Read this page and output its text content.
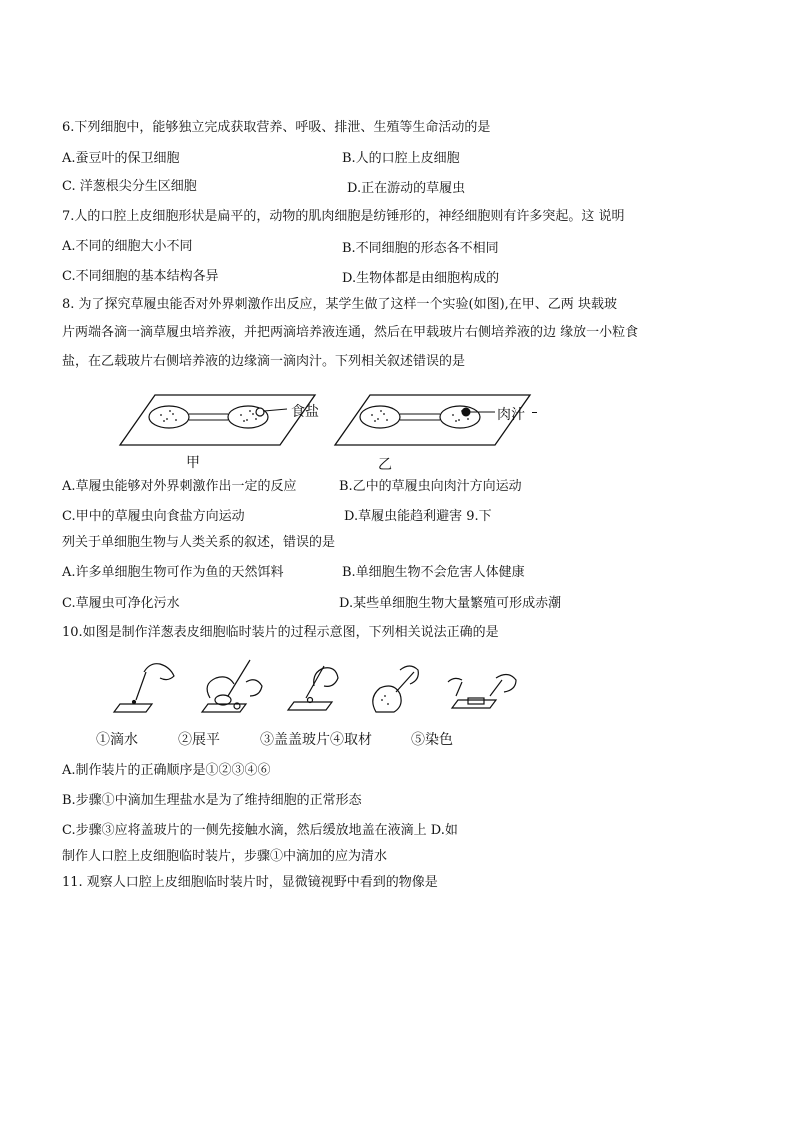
6.下列细胞中，能够独立完成获取营养、呼吸、排泄、生殖等生命活动的是
A.蚕豆叶的保卫细胞	B.人的口腔上皮细胞
C. 洋葱根尖分生区细胞	D.正在游动的草履虫
7.人的口腔上皮细胞形状是扁平的，动物的肌肉细胞是纺锤形的，神经细胞则有许多突起。这 说明
A.不同的细胞大小不同	B.不同细胞的形态各不相同
C.不同细胞的基本结构各异	D.生物体都是由细胞构成的
8. 为了探究草履虫能否对外界刺激作出反应，某学生做了这样一个实验(如图),在甲、乙两 块载玻
片两端各滴一滴草履虫培养液，并把两滴培养液连通，然后在甲载玻片右侧培养液的边 缘放一小粒食
盐，在乙载玻片右侧培养液的边缘滴一滴肉汁。下列相关叙述错误的是
食盐	肉汁
甲	乙
A.草履虫能够对外界刺激作出一定的反应	B.乙中的草履虫向肉汁方向运动
C.甲中的草履虫向食盐方向运动	D.草履虫能趋利避害 9.下
列关于单细胞生物与人类关系的叙述，错误的是
A.许多单细胞生物可作为鱼的天然饵料	B.单细胞生物不会危害人体健康
C.草履虫可净化污水	D.某些单细胞生物大量繁殖可形成赤潮
10.如图是制作洋葱表皮细胞临时装片的过程示意图，下列相关说法正确的是
①滴水	②展平	③盖盖玻片④取材	⑤染色
A.制作装片的正确顺序是①②③④⑥
B.步骤①中滴加生理盐水是为了维持细胞的正常形态
C.步骤③应将盖玻片的一侧先接触水滴，然后缓放地盖在液滴上 D.如
制作人口腔上皮细胞临时装片，步骤①中滴加的应为清水
11. 观察人口腔上皮细胞临时装片时，显微镜视野中看到的物像是
